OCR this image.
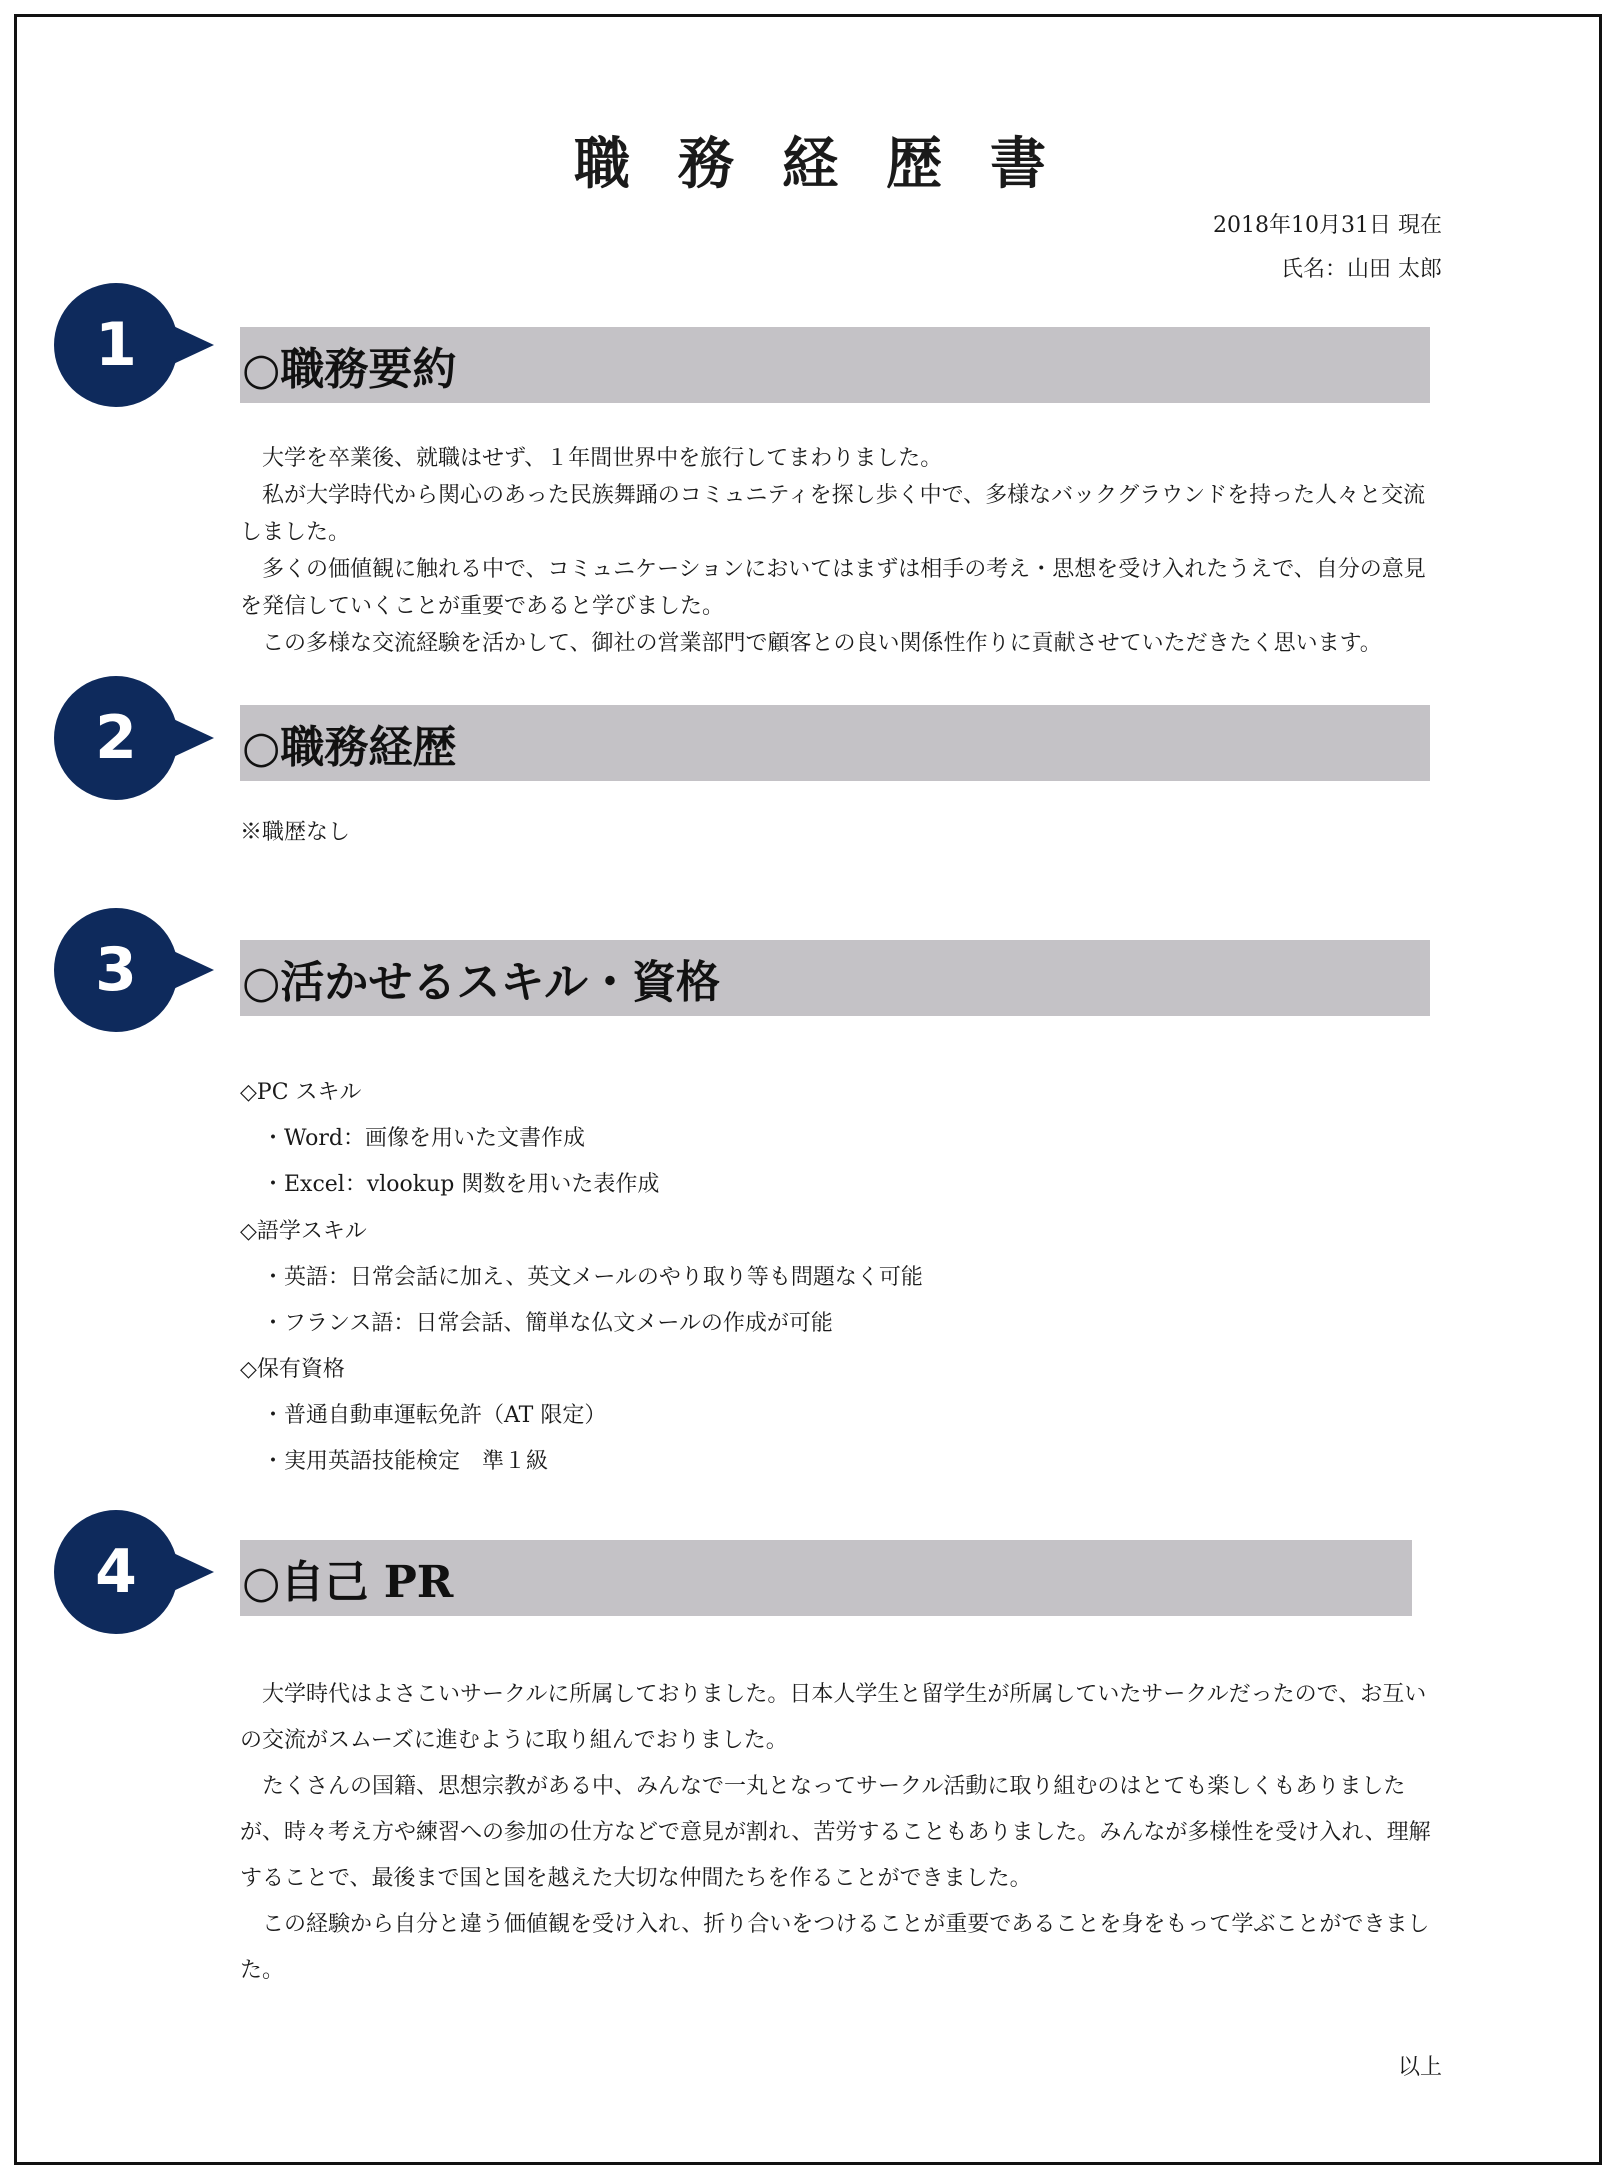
職務経歴書
2018年10月31日 現在
氏名：山田 太郎
1	○職務要約

大学を卒業後、就職はせず、１年間世界中を旅行してまわりました。

私が大学時代から関心のあった民族舞踊のコミュニティを探し歩く中で、多様なバックグラウンドを持った人々と交流しました。

多くの価値観に触れる中で、コミュニケーションにおいてはまずは相手の考え・思想を受け入れたうえで、自分の意見を発信していくことが重要であると学びました。

この多様な交流経験を活かして、御社の営業部門で顧客との良い関係性作りに貢献させていただきたく思います。

2	○職務経歴
※職歴なし
3	○活かせるスキル・資格
◇PC スキル
・Word：画像を用いた文書作成
・Excel：vlookup 関数を用いた表作成
◇語学スキル
・英語：日常会話に加え、英文メールのやり取り等も問題なく可能
・フランス語：日常会話、簡単な仏文メールの作成が可能
◇保有資格
・普通自動車運転免許（AT 限定）
・実用英語技能検定　準１級
4	○自己 PR

大学時代はよさこいサークルに所属しておりました。日本人学生と留学生が所属していたサークルだったので、お互いの交流がスムーズに進むように取り組んでおりました。

たくさんの国籍、思想宗教がある中、みんなで一丸となってサークル活動に取り組むのはとても楽しくもありましたが、時々考え方や練習への参加の仕方などで意見が割れ、苦労することもありました。みんなが多様性を受け入れ、理解することで、最後まで国と国を越えた大切な仲間たちを作ることができました。

この経験から自分と違う価値観を受け入れ、折り合いをつけることが重要であることを身をもって学ぶことができました。

以上
